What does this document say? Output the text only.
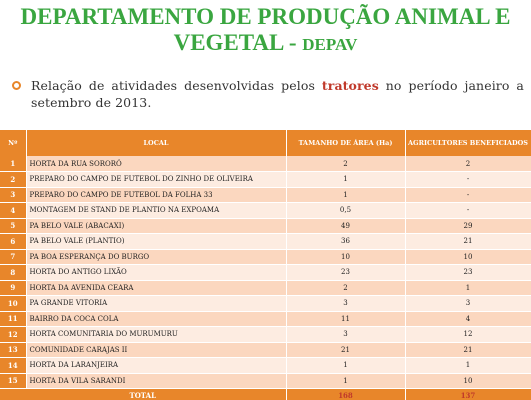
DEPARTAMENTO DE PRODUÇÃO ANIMAL E
VEGETAL - DEPAV

Relação de atividades desenvolvidas pelos tratores no período janeiro a setembro de 2013.

Nº	LOCAL	TAMANHO DE ÁREA (Ha)	AGRICULTORES BENEFICIADOS
1	HORTA DA RUA SORORÓ	2	2
2	PREPARO DO CAMPO DE FUTEBOL DO ZINHO DE OLIVEIRA	1	-
3	PREPARO DO CAMPO DE FUTEBOL DA FOLHA 33	1	-
4	MONTAGEM DE STAND DE PLANTIO NA EXPOAMA	0,5	-
5	PA BELO VALE (ABACAXI)	49	29
6	PA BELO VALE (PLANTIO)	36	21
7	PA BOA ESPERANÇA DO BURGO	10	10
8	HORTA DO ANTIGO LIXÃO	23	23
9	HORTA DA AVENIDA CEARA	2	1
10	PA GRANDE VITORIA	3	3
11	BAIRRO DA COCA COLA	11	4
12	HORTA COMUNITARIA DO MURUMURU	3	12
13	COMUNIDADE CARAJAS II	21	21
14	HORTA DA LARANJEIRA	1	1
15	HORTA DA VILA SARANDI	1	10
TOTAL		168	137
